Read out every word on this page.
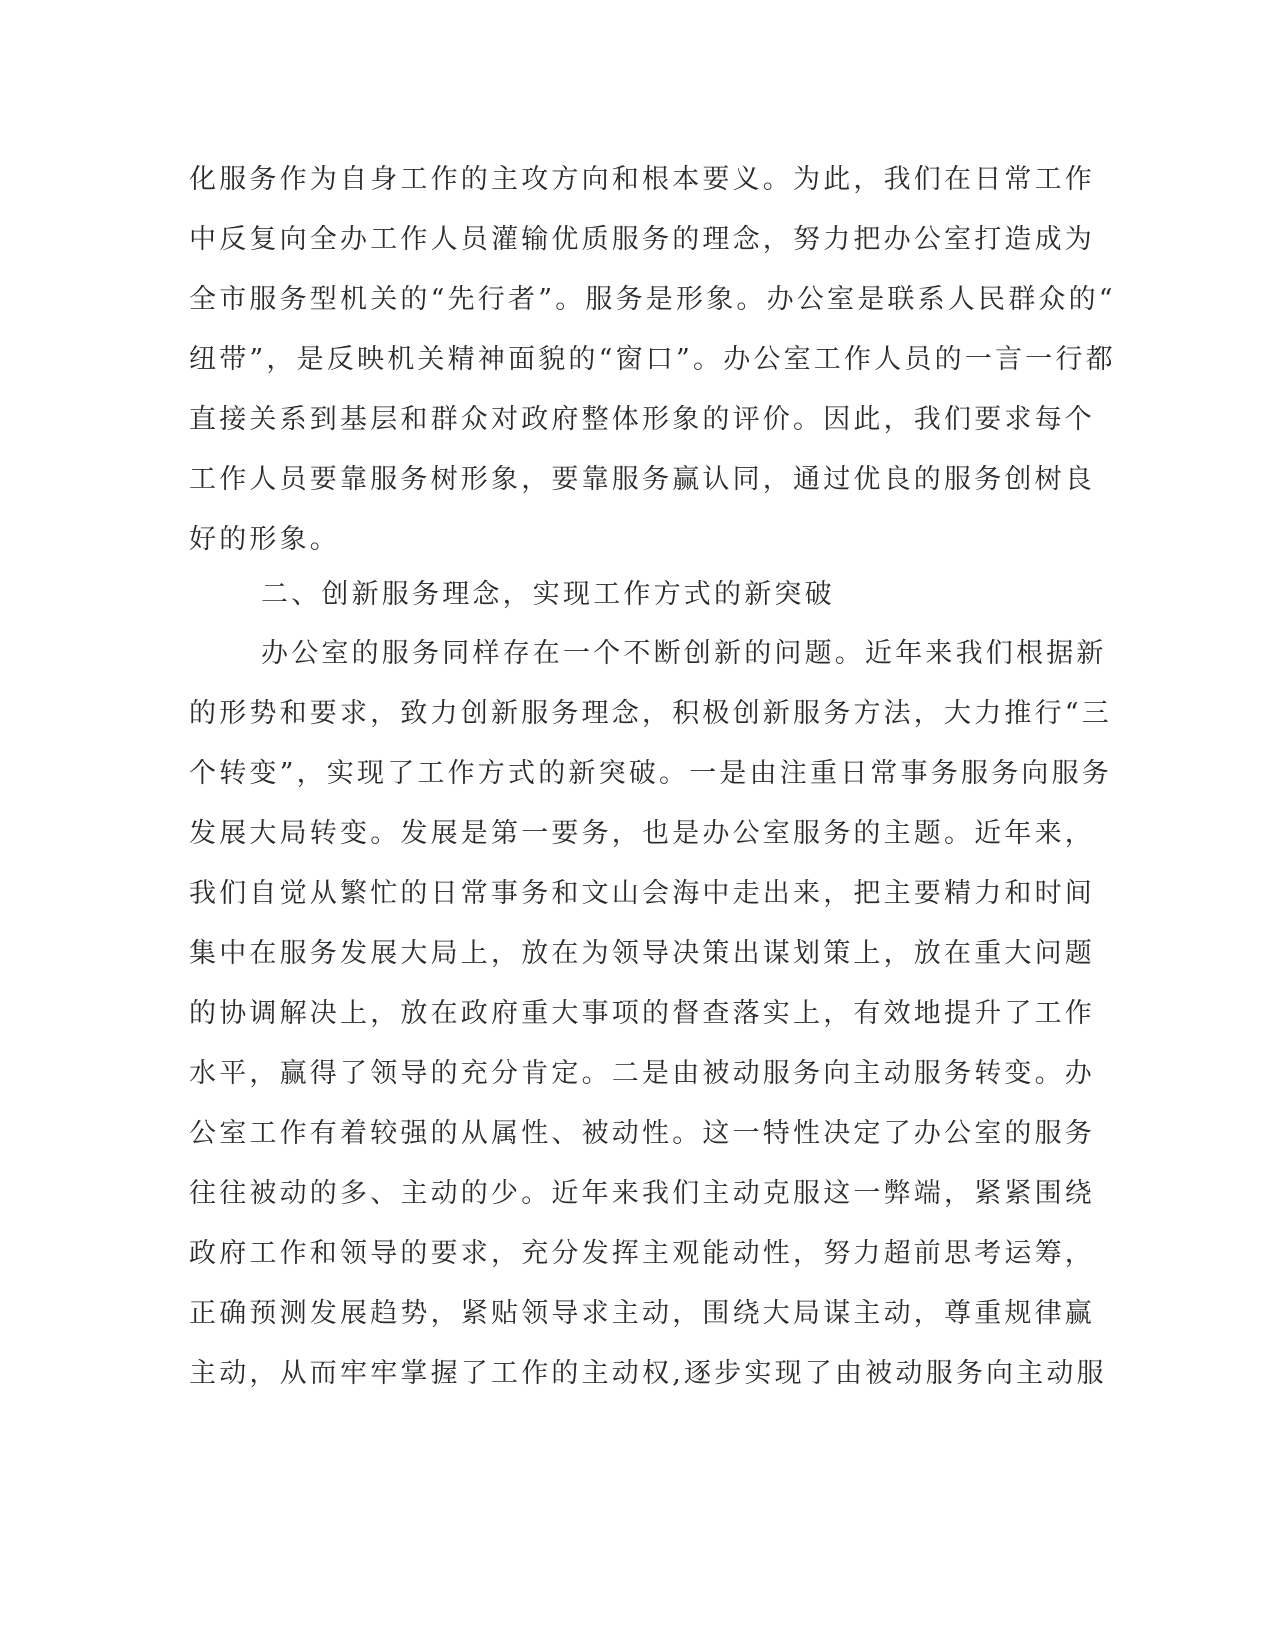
化服务作为自身工作的主攻方向和根本要义。为此，我们在日常工作
中反复向全办工作人员灌输优质服务的理念，努力把办公室打造成为
全市服务型机关的“先行者”。服务是形象。办公室是联系人民群众的“
纽带”，是反映机关精神面貌的“窗口”。办公室工作人员的一言一行都
直接关系到基层和群众对政府整体形象的评价。因此，我们要求每个
工作人员要靠服务树形象，要靠服务赢认同，通过优良的服务创树良
好的形象。
二、创新服务理念，实现工作方式的新突破
办公室的服务同样存在一个不断创新的问题。近年来我们根据新
的形势和要求，致力创新服务理念，积极创新服务方法，大力推行“三
个转变”，实现了工作方式的新突破。一是由注重日常事务服务向服务
发展大局转变。发展是第一要务，也是办公室服务的主题。近年来，
我们自觉从繁忙的日常事务和文山会海中走出来，把主要精力和时间
集中在服务发展大局上，放在为领导决策出谋划策上，放在重大问题
的协调解决上，放在政府重大事项的督查落实上，有效地提升了工作
水平，赢得了领导的充分肯定。二是由被动服务向主动服务转变。办
公室工作有着较强的从属性、被动性。这一特性决定了办公室的服务
往往被动的多、主动的少。近年来我们主动克服这一弊端，紧紧围绕
政府工作和领导的要求，充分发挥主观能动性，努力超前思考运筹，
正确预测发展趋势，紧贴领导求主动，围绕大局谋主动，尊重规律赢
主动，从而牢牢掌握了工作的主动权,逐步实现了由被动服务向主动服
